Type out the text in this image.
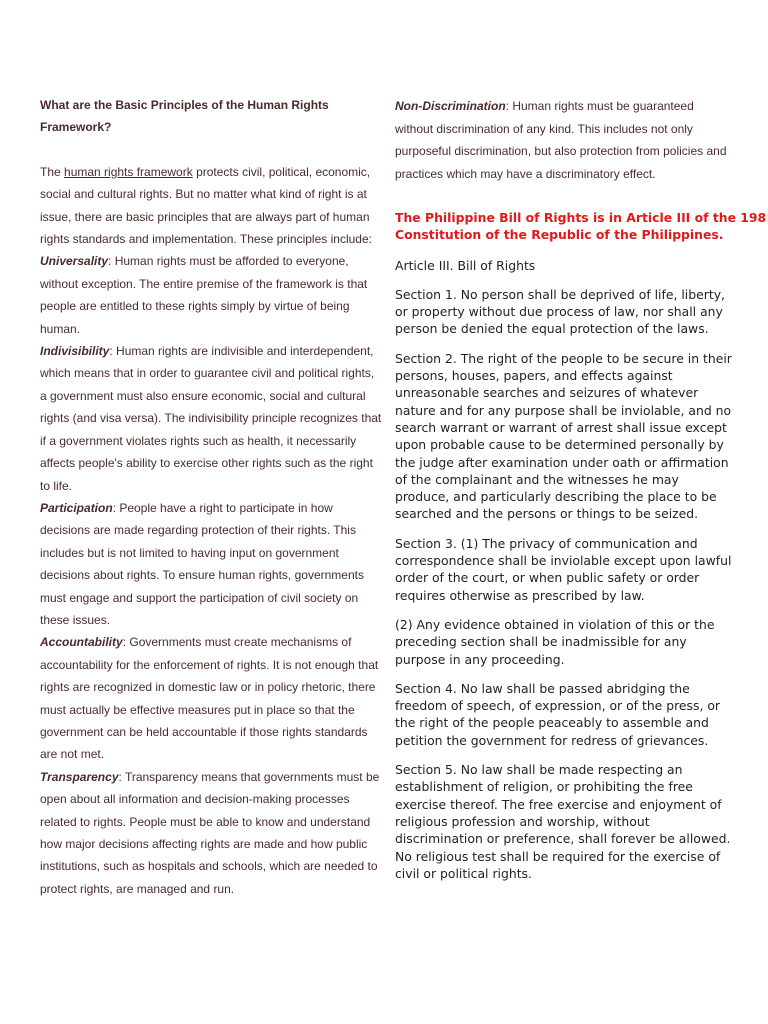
What are the Basic Principles of the Human Rights Framework?

The human rights framework protects civil, political, economic, social and cultural rights. But no matter what kind of right is at issue, there are basic principles that are always part of human rights standards and implementation. These principles include:

Universality: Human rights must be afforded to everyone, without exception. The entire premise of the framework is that people are entitled to these rights simply by virtue of being human.

Indivisibility: Human rights are indivisible and interdependent, which means that in order to guarantee civil and political rights, a government must also ensure economic, social and cultural rights (and visa versa). The indivisibility principle recognizes that if a government violates rights such as health, it necessarily affects people's ability to exercise other rights such as the right to life.

Participation: People have a right to participate in how decisions are made regarding protection of their rights. This includes but is not limited to having input on government decisions about rights. To ensure human rights, governments must engage and support the participation of civil society on these issues.

Accountability: Governments must create mechanisms of accountability for the enforcement of rights. It is not enough that rights are recognized in domestic law or in policy rhetoric, there must actually be effective measures put in place so that the government can be held accountable if those rights standards are not met.

Transparency: Transparency means that governments must be open about all information and decision-making processes related to rights. People must be able to know and understand how major decisions affecting rights are made and how public institutions, such as hospitals and schools, which are needed to protect rights, are managed and run.

Non-Discrimination: Human rights must be guaranteed without discrimination of any kind. This includes not only purposeful discrimination, but also protection from policies and practices which may have a discriminatory effect.

The Philippine Bill of Rights is in Article III of the 198
Constitution of the Republic of the Philippines.

Article III. Bill of Rights

Section 1. No person shall be deprived of life, liberty, or property without due process of law, nor shall any person be denied the equal protection of the laws.

Section 2. The right of the people to be secure in their persons, houses, papers, and effects against unreasonable searches and seizures of whatever nature and for any purpose shall be inviolable, and no search warrant or warrant of arrest shall issue except upon probable cause to be determined personally by the judge after examination under oath or affirmation of the complainant and the witnesses he may produce, and particularly describing the place to be searched and the persons or things to be seized.

Section 3. (1) The privacy of communication and correspondence shall be inviolable except upon lawful order of the court, or when public safety or order requires otherwise as prescribed by law.

(2) Any evidence obtained in violation of this or the preceding section shall be inadmissible for any purpose in any proceeding.

Section 4. No law shall be passed abridging the freedom of speech, of expression, or of the press, or the right of the people peaceably to assemble and petition the government for redress of grievances.

Section 5. No law shall be made respecting an establishment of religion, or prohibiting the free exercise thereof. The free exercise and enjoyment of religious profession and worship, without discrimination or preference, shall forever be allowed. No religious test shall be required for the exercise of civil or political rights.
